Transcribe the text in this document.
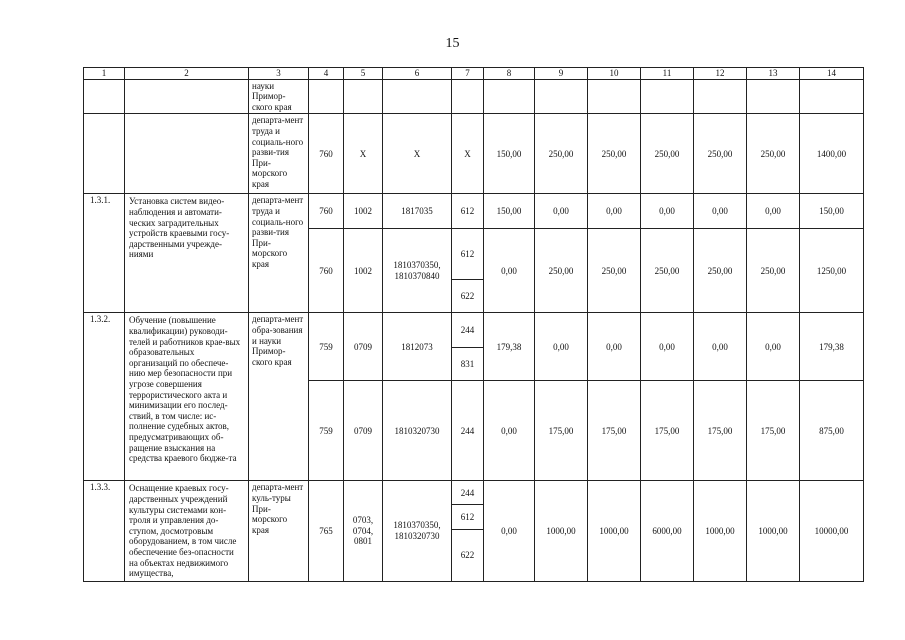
15
1	2	3	4	5	6	7	8	9	10	11	12	13	14
		науки Примор-ского края											
		департа-мент труда и социаль-ного разви-тия При-морского края	760	X	X	X	150,00	250,00	250,00	250,00	250,00	250,00	1400,00
1.3.1.	Установка систем видео-наблюдения и автомати-ческих заградительных устройств краевыми госу-дарственными учрежде-ниями	департа-мент труда и социаль-ного разви-тия При-морского края	760	1002	1817035	612	150,00	0,00	0,00	0,00	0,00	0,00	150,00
			760	1002	1810370350, 1810370840	612	0,00	250,00	250,00	250,00	250,00	250,00	1250,00
						622							
1.3.2.	Обучение (повышение квалификации) руководи-телей и работников крае-вых образовательных организаций по обеспече-нию мер безопасности при угрозе совершения террористического акта и минимизации его послед-ствий, в том числе: ис-полнение судебных актов, предусматривающих об-ращение взыскания на средства краевого бюдже-та	департа-мент обра-зования и науки Примор-ского края	759	0709	1812073	244	179,38	0,00	0,00	0,00	0,00	0,00	179,38
						831							
			759	0709	1810320730	244	0,00	175,00	175,00	175,00	175,00	175,00	875,00
1.3.3.	Оснащение краевых госу-дарственных учреждений культуры системами кон-троля и управления до-ступом, досмотровым оборудованием, в том числе обеспечение без-опасности на объектах недвижимого имущества,	департа-мент куль-туры При-морского края	765	0703, 0704, 0801	1810370350, 1810320730	244	0,00	1000,00	1000,00	6000,00	1000,00	1000,00	10000,00
						612							
						622							
